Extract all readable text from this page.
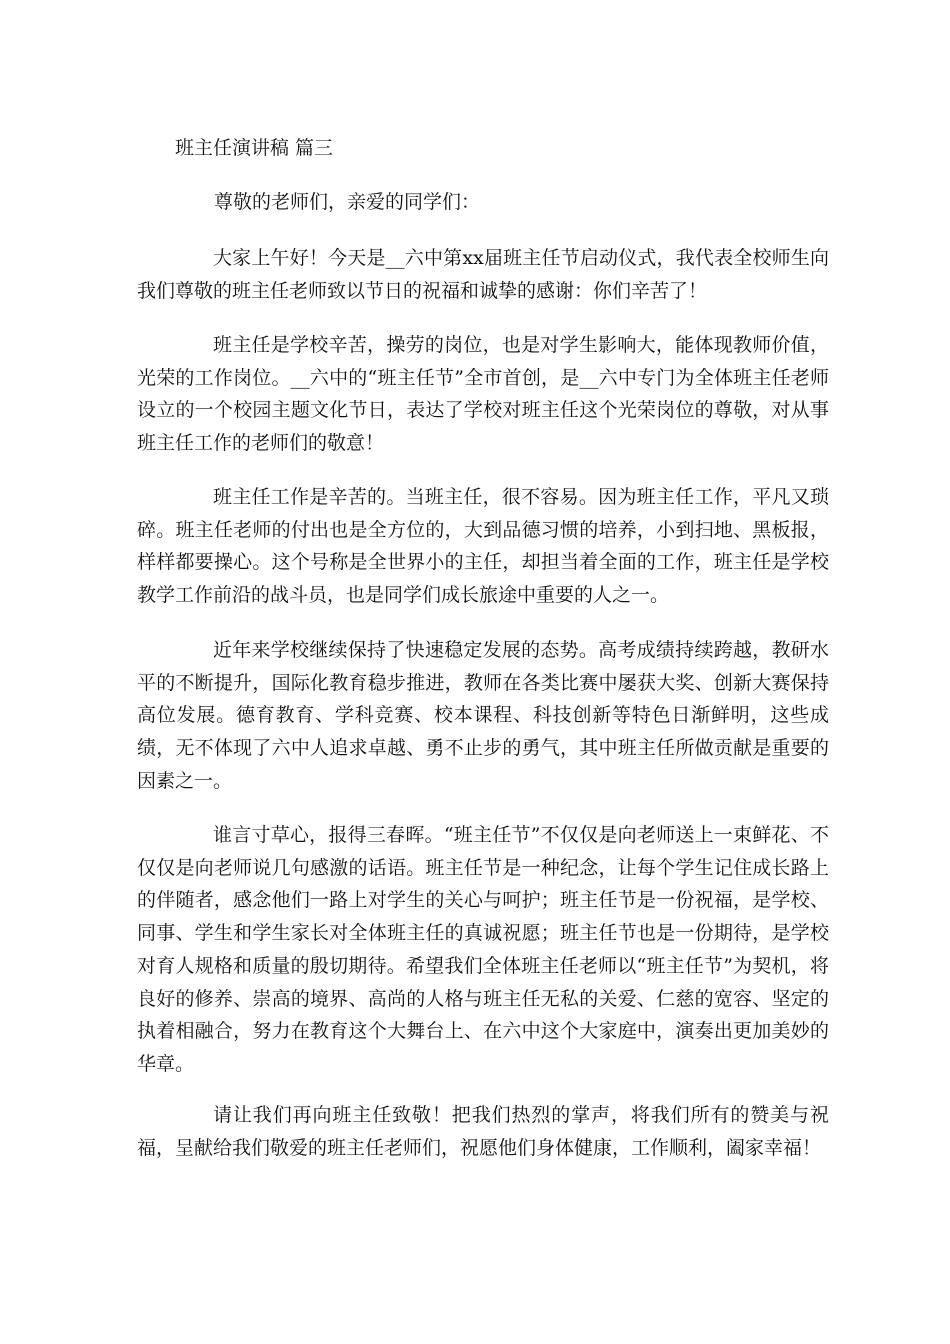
班主任演讲稿 篇三

尊敬的老师们，亲爱的同学们：

大家上午好！今天是__六中第xx届班主任节启动仪式，我代表全校师生向我们尊敬的班主任老师致以节日的祝福和诚挚的感谢：你们辛苦了！

班主任是学校辛苦，操劳的岗位，也是对学生影响大，能体现教师价值，光荣的工作岗位。__六中的“班主任节”全市首创，是__六中专门为全体班主任老师设立的一个校园主题文化节日，表达了学校对班主任这个光荣岗位的尊敬，对从事班主任工作的老师们的敬意！

班主任工作是辛苦的。当班主任，很不容易。因为班主任工作，平凡又琐碎。班主任老师的付出也是全方位的，大到品德习惯的培养，小到扫地、黑板报，样样都要操心。这个号称是全世界小的主任，却担当着全面的工作，班主任是学校教学工作前沿的战斗员，也是同学们成长旅途中重要的人之一。

近年来学校继续保持了快速稳定发展的态势。高考成绩持续跨越，教研水平的不断提升，国际化教育稳步推进，教师在各类比赛中屡获大奖、创新大赛保持高位发展。德育教育、学科竞赛、校本课程、科技创新等特色日渐鲜明，这些成绩，无不体现了六中人追求卓越、勇不止步的勇气，其中班主任所做贡献是重要的因素之一。

谁言寸草心，报得三春晖。“班主任节”不仅仅是向老师送上一束鲜花、不仅仅是向老师说几句感激的话语。班主任节是一种纪念，让每个学生记住成长路上的伴随者，感念他们一路上对学生的关心与呵护；班主任节是一份祝福，是学校、同事、学生和学生家长对全体班主任的真诚祝愿；班主任节也是一份期待，是学校对育人规格和质量的殷切期待。希望我们全体班主任老师以“班主任节”为契机，将良好的修养、崇高的境界、高尚的人格与班主任无私的关爱、仁慈的宽容、坚定的执着相融合，努力在教育这个大舞台上、在六中这个大家庭中，演奏出更加美妙的华章。

请让我们再向班主任致敬！把我们热烈的掌声，将我们所有的赞美与祝福，呈献给我们敬爱的班主任老师们，祝愿他们身体健康，工作顺利，阖家幸福！
